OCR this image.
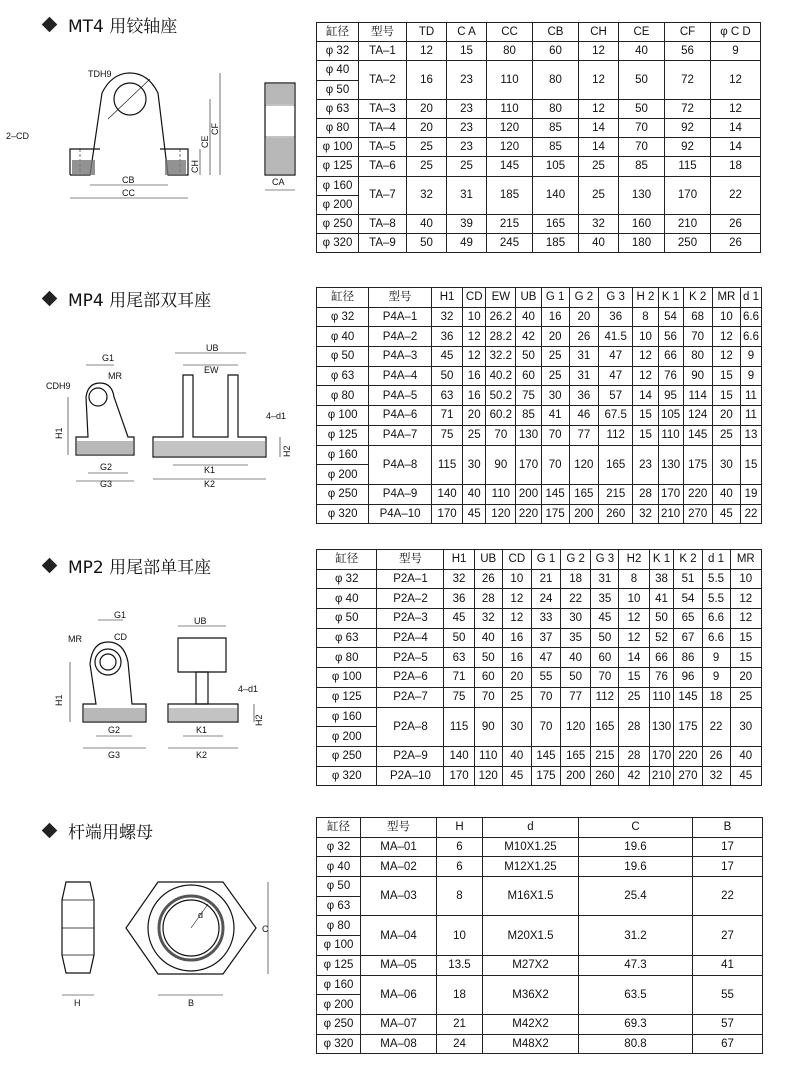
MT4 用铰轴座
MP4 用尾部双耳座
MP2 用尾部单耳座
杆端用螺母
缸径	型号	TD	C A	CC	CB	CH	CE	CF	φ C D
φ 32	TA–1	12	15	80	60	12	40	56	9
φ 40	TA–2	16	23	110	80	12	50	72	12
φ 50									
φ 63	TA–3	20	23	110	80	12	50	72	12
φ 80	TA–4	20	23	120	85	14	70	92	14
φ 100	TA–5	25	23	120	85	14	70	92	14
φ 125	TA–6	25	25	145	105	25	85	115	18
φ 160	TA–7	32	31	185	140	25	130	170	22
φ 200									
φ 250	TA–8	40	39	215	165	32	160	210	26
φ 320	TA–9	50	49	245	185	40	180	250	26
缸径	型号	H1	CD	EW	UB	G 1	G 2	G 3	H 2	K 1	K 2	MR	d 1
φ 32	P4A–1	32	10	26.2	40	16	20	36	8	54	68	10	6.6
φ 40	P4A–2	36	12	28.2	42	20	26	41.5	10	56	70	12	6.6
φ 50	P4A–3	45	12	32.2	50	25	31	47	12	66	80	12	9
φ 63	P4A–4	50	16	40.2	60	25	31	47	12	76	90	15	9
φ 80	P4A–5	63	16	50.2	75	30	36	57	14	95	114	15	11
φ 100	P4A–6	71	20	60.2	85	41	46	67.5	15	105	124	20	11
φ 125	P4A–7	75	25	70	130	70	77	112	15	110	145	25	13
φ 160	P4A–8	115	30	90	170	70	120	165	23	130	175	30	15
φ 200													
φ 250	P4A–9	140	40	110	200	145	165	215	28	170	220	40	19
φ 320	P4A–10	170	45	120	220	175	200	260	32	210	270	45	22
缸径	型号	H1	UB	CD	G 1	G 2	G 3	H2	K 1	K 2	d 1	MR
φ 32	P2A–1	32	26	10	21	18	31	8	38	51	5.5	10
φ 40	P2A–2	36	28	12	24	22	35	10	41	54	5.5	12
φ 50	P2A–3	45	32	12	33	30	45	12	50	65	6.6	12
φ 63	P2A–4	50	40	16	37	35	50	12	52	67	6.6	15
φ 80	P2A–5	63	50	16	47	40	60	14	66	86	9	15
φ 100	P2A–6	71	60	20	55	50	70	15	76	96	9	20
φ 125	P2A–7	75	70	25	70	77	112	25	110	145	18	25
φ 160	P2A–8	115	90	30	70	120	165	28	130	175	22	30
φ 200												
φ 250	P2A–9	140	110	40	145	165	215	28	170	220	26	40
φ 320	P2A–10	170	120	45	175	200	260	42	210	270	32	45
缸径	型号	H	d	C	B
φ 32	MA–01	6	M10X1.25	19.6	17
φ 40	MA–02	6	M12X1.25	19.6	17
φ 50	MA–03	8	M16X1.5	25.4	22
φ 63					
φ 80	MA–04	10	M20X1.5	31.2	27
φ 100					
φ 125	MA–05	13.5	M27X2	47.3	41
φ 160	MA–06	18	M36X2	63.5	55
φ 200					
φ 250	MA–07	21	M42X2	69.3	57
φ 320	MA–08	24	M48X2	80.8	67
TDH9
2–CD
CB
CC
CH
CE
CF
CA
G1
CDH9
MR
H1
G2
G3
UB
EW
4–d1
H2
K1
K2
G1
MR	CD
H1
G2
G3
UB
4–d1
H2
K1
K2
H	B
C
d
